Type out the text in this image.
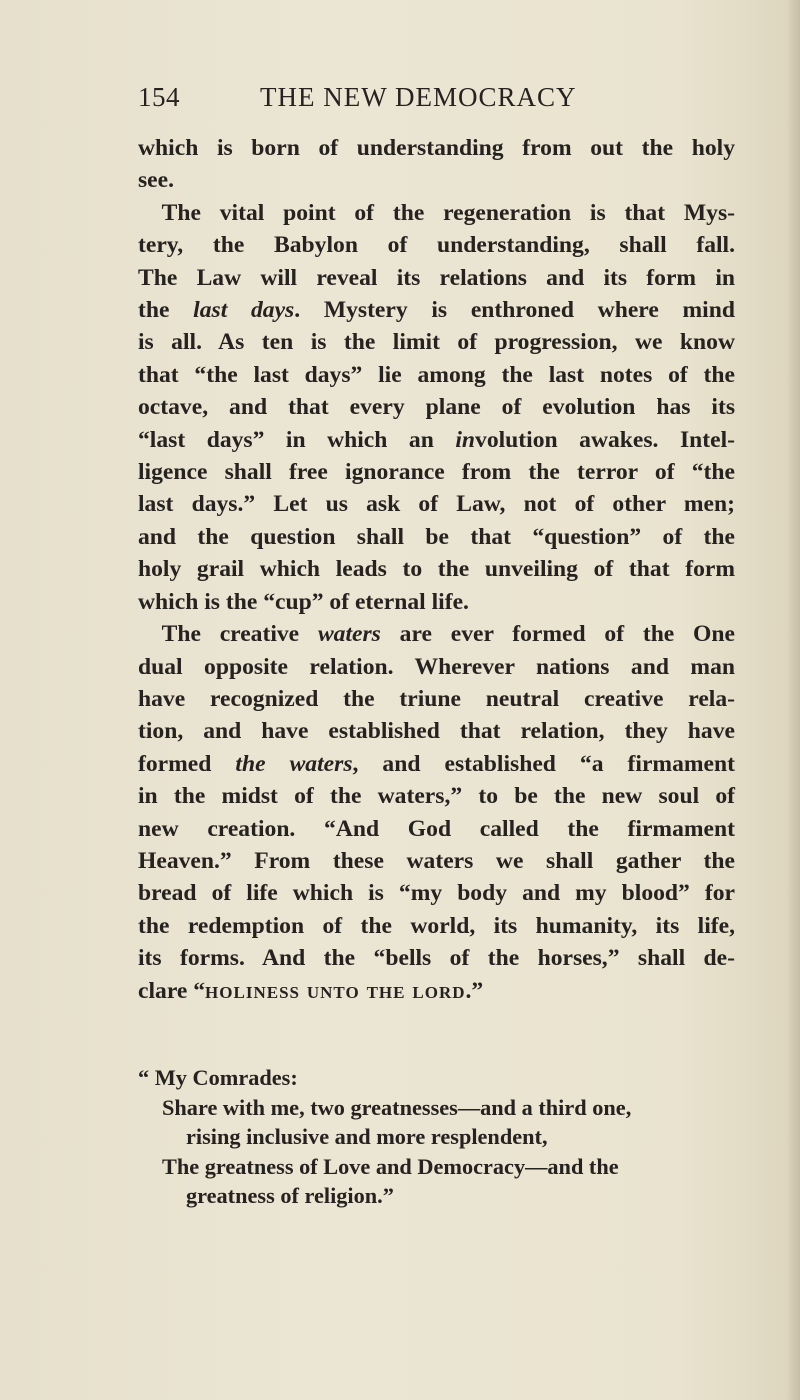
154	THE NEW DEMOCRACY
which is born of understanding from out the holy
see.
 The vital point of the regeneration is that Mys-
tery, the Babylon of understanding, shall fall.
The Law will reveal its relations and its form in
the last days. Mystery is enthroned where mind
is all. As ten is the limit of progression, we know
that “the last days” lie among the last notes of the
octave, and that every plane of evolution has its
“last days” in which an involution awakes. Intel-
ligence shall free ignorance from the terror of “the
last days.” Let us ask of Law, not of other men;
and the question shall be that “question” of the
holy grail which leads to the unveiling of that form
which is the “cup” of eternal life.
 The creative waters are ever formed of the One
dual opposite relation. Wherever nations and man
have recognized the triune neutral creative rela-
tion, and have established that relation, they have
formed the waters, and established “a firmament
in the midst of the waters,” to be the new soul of
new creation. “And God called the firmament
Heaven.” From these waters we shall gather the
bread of life which is “my body and my blood” for
the redemption of the world, its humanity, its life,
its forms. And the “bells of the horses,” shall de-
clare “holiness unto the lord.”
“ My Comrades:
Share with me, two greatnesses—and a third one,
rising inclusive and more resplendent,
The greatness of Love and Democracy—and the
greatness of religion.”
